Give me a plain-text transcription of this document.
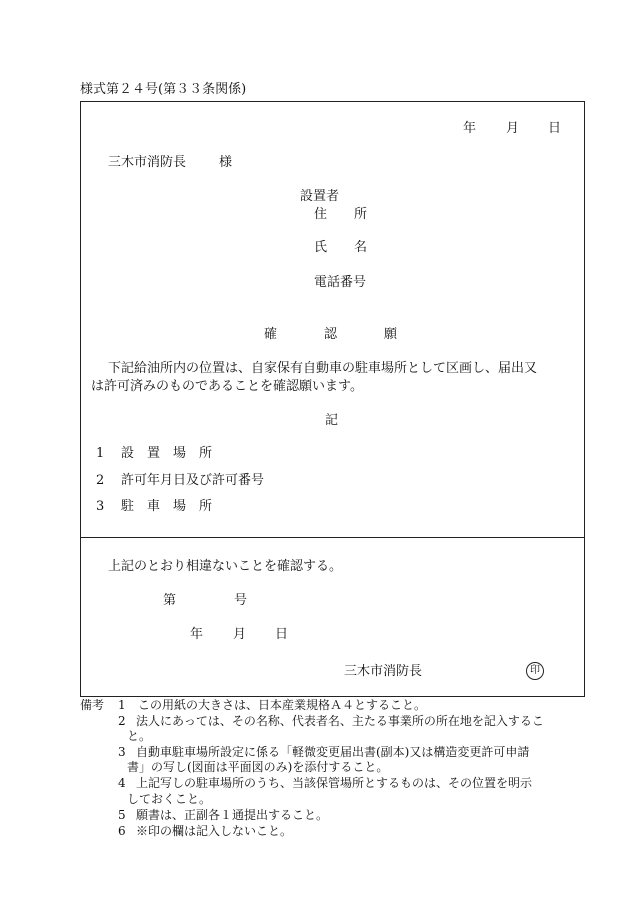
様式第２４号(第３３条関係)
年 月 日
三木市消防長	様
設置者
住 所
氏 名
電話番号
確	認	願
下記給油所内の位置は、自家保有自動車の駐車場所として区画し、届出又
は許可済みのものであることを確認願います。
記
1 設 置 場 所
2 許可年月日及び許可番号
3 駐 車 場 所
上記のとおり相違ないことを確認する。
第	号
年 月 日
三木市消防長	印
備考 1 この用紙の大きさは、日本産業規格Ａ４とすること。
2 法人にあっては、その名称、代表者名、主たる事業所の所在地を記入するこ
と。
3 自動車駐車場所設定に係る「軽微変更届出書(副本)又は構造変更許可申請
書」の写し(図面は平面図のみ)を添付すること。
4 上記写しの駐車場所のうち、当該保管場所とするものは、その位置を明示
しておくこと。
5 願書は、正副各１通提出すること。
6 ※印の欄は記入しないこと。
